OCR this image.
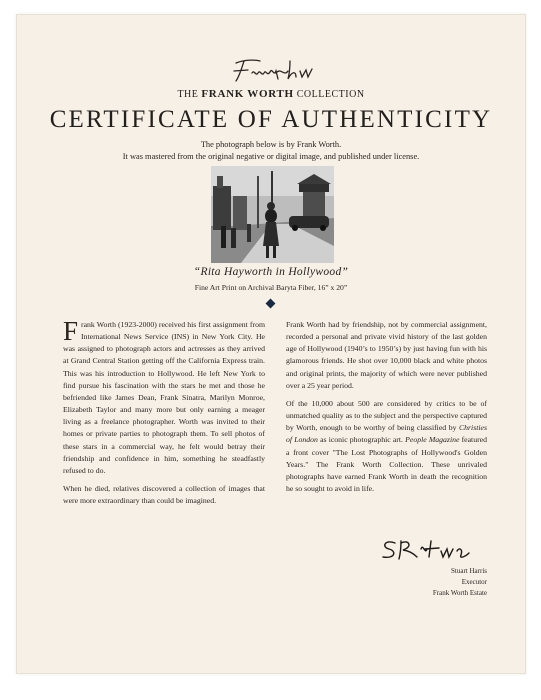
THE FRANK WORTH COLLECTION
CERTIFICATE OF AUTHENTICITY
The photograph below is by Frank Worth.
It was mastered from the original negative or digital image, and published under license.
“Rita Hayworth in Hollywood”
Fine Art Print on Archival Baryta Fiber, 16” x 20”

Frank Worth (1923-2000) received his first assignment from International News Service (INS) in New York City. He was assigned to photograph actors and actresses as they arrived at Grand Central Station getting off the California Express train. This was his introduction to Hollywood. He left New York to find pursue his fascination with the stars he met and those he befriended like James Dean, Frank Sinatra, Marilyn Monroe, Elizabeth Taylor and many more but only earning a meager living as a freelance photographer. Worth was invited to their homes or private parties to photograph them. To sell photos of these stars in a commercial way, he felt would betray their friendship and confidence in him, something he steadfastly refused to do.

When he died, relatives discovered a collection of images that were more extraordinary than could be imagined.

Frank Worth had by friendship, not by commercial assignment, recorded a personal and private vivid history of the last golden age of Hollywood (1940’s to 1950’s) by just having fun with his glamorous friends. He shot over 10,000 black and white photos and original prints, the majority of which were never published over a 25 year period.

Of the 10,000 about 500 are considered by critics to be of unmatched quality as to the subject and the perspective captured by Worth, enough to be worthy of being classified by Christies of London as iconic photographic art. People Magazine featured a front cover "The Lost Photographs of Hollywood's Golden Years." The Frank Worth Collection. These unrivaled photographs have earned Frank Worth in death the recognition he so sought to avoid in life.

Stuart Harris
Executor
Frank Worth Estate
